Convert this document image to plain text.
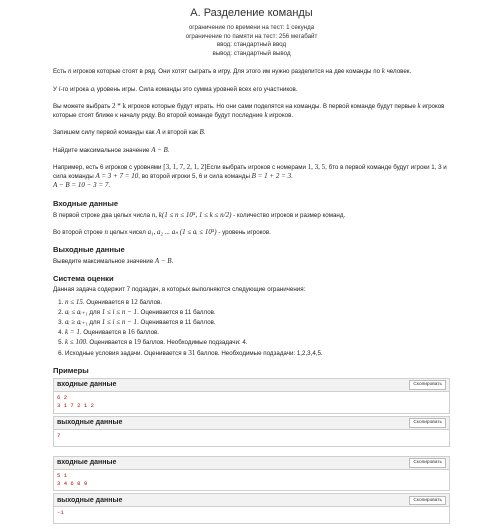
A. Разделение команды
ограничение по времени на тест: 1 секунда
ограничение по памяти на тест: 256 мегабайт
ввод: стандартный ввод
вывод: стандартный вывод

Есть n игроков которые стоят в ряд. Они хотят сыграть в игру. Для этого им нужно разделится на две команды по k человек.

У i-го игрока aᵢ уровень игры. Сила команды это сумма уровней всех его участников.

Вы можете выбрать 2 * k игроков которые будут играть. Но они сами поделятся на команды. В первой команде будут первые k игроков которые стоят ближе к началу ряду. Во второй команде будут последние k игроков.

Запишем силу первой команды как A и второй как B.

Найдите максимальное значение A − B.

Например, есть 6 игроков с уровнями [3, 1, 7, 2, 1, 2]Если выбрать игроков с номерами 1, 3, 5, бто в первой команде будут игроки 1, 3 и сила команды A = 3 + 7 = 10, во второй игроки 5, 6 и сила команды B = 1 + 2 = 3.
A − B = 10 − 3 = 7.

Входные данные

В первой строке два целых числа n, k(1 ≤ n ≤ 10⁵, 1 ≤ k ≤ n/2) - количество игроков и размер команд.

Во второй строке n целых чисел a₁, a₂ ... aₙ (1 ≤ aᵢ ≤ 10⁵) - уровень игроков.

Выходные данные

Выведите максимальное значение A − B.

Система оценки
Данная задача содержит 7 подзадач, в которых выполняются следующие ограничения:
1. n ≤ 15. Оценивается в 12 баллов.
2. aᵢ ≤ aᵢ₊₁ для 1 ≤ i ≤ n − 1. Оценивается в 11 баллов.
3. aᵢ ≥ aᵢ₊₁ для 1 ≤ i ≤ n − 1. Оценивается в 11 баллов.
4. k = 1. Оценивается в 16 баллов.
5. k ≤ 100. Оценивается в 19 баллов. Необходимые подзадачи: 4.
6. Исходные условия задачи. Оценивается в 31 баллов. Необходимые подзадачи: 1,2,3,4,5.
Примеры
входные данные	Скопировать
6 2
3 1 7 2 1 2
выходные данные	Скопировать
7
входные данные	Скопировать
5 1
3 4 6 8 9
выходные данные	Скопировать
-1
